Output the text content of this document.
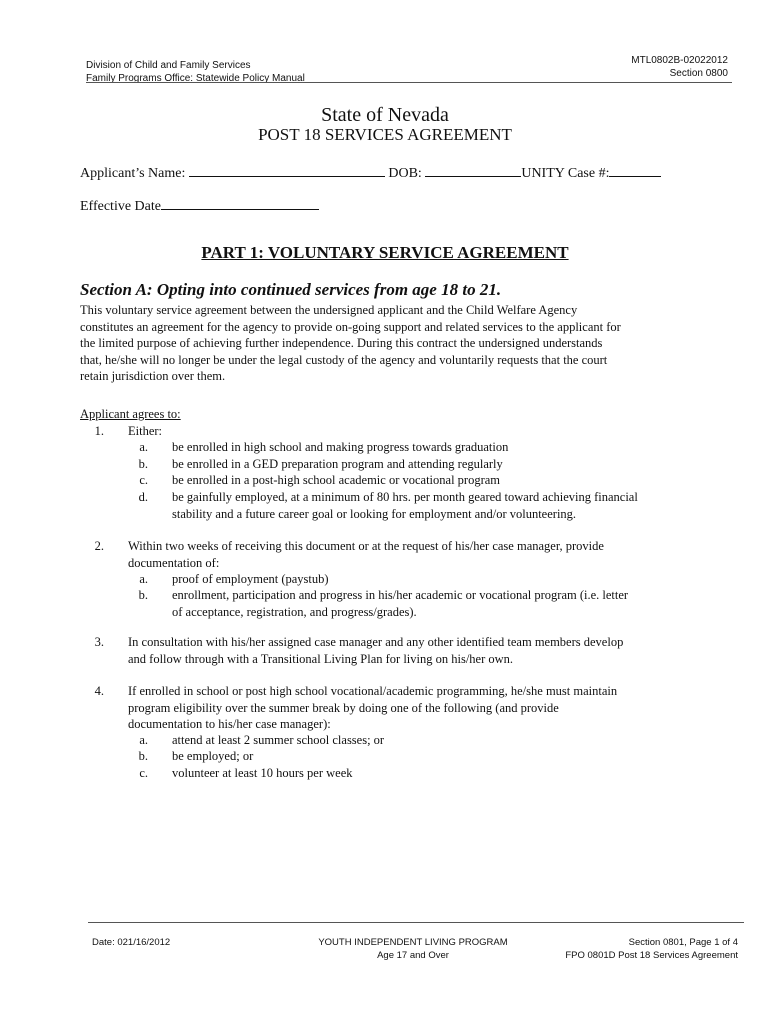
Division of Child and Family Services
Family Programs Office: Statewide Policy Manual
MTL0802B-02022012
Section 0800
State of Nevada
POST 18 SERVICES AGREEMENT
Applicant’s Name:	DOB:	UNITY Case #:
Effective Date
PART 1: VOLUNTARY SERVICE AGREEMENT
Section A: Opting into continued services from age 18 to 21.
This voluntary service agreement between the undersigned applicant and the Child Welfare Agency
constitutes an agreement for the agency to provide on-going support and related services to the applicant for
the limited purpose of achieving further independence. During this contract the undersigned understands
that, he/she will no longer be under the legal custody of the agency and voluntarily requests that the court
retain jurisdiction over them.
Applicant agrees to:
1. Either:
a. be enrolled in high school and making progress towards graduation
b. be enrolled in a GED preparation program and attending regularly
c. be enrolled in a post-high school academic or vocational program
d. be gainfully employed, at a minimum of 80 hrs. per month geared toward achieving financial
stability and a future career goal or looking for employment and/or volunteering.
2. Within two weeks of receiving this document or at the request of his/her case manager, provide
documentation of:
a. proof of employment (paystub)
b. enrollment, participation and progress in his/her academic or vocational program (i.e. letter
of acceptance, registration, and progress/grades).
3. In consultation with his/her assigned case manager and any other identified team members develop
and follow through with a Transitional Living Plan for living on his/her own.
4. If enrolled in school or post high school vocational/academic programming, he/she must maintain
program eligibility over the summer break by doing one of the following (and provide
documentation to his/her case manager):
a. attend at least 2 summer school classes; or
b. be employed; or
c. volunteer at least 10 hours per week
Date: 021/16/2012	YOUTH INDEPENDENT LIVING PROGRAM
Age 17 and Over
Section 0801, Page 1 of 4
FPO 0801D Post 18 Services Agreement
